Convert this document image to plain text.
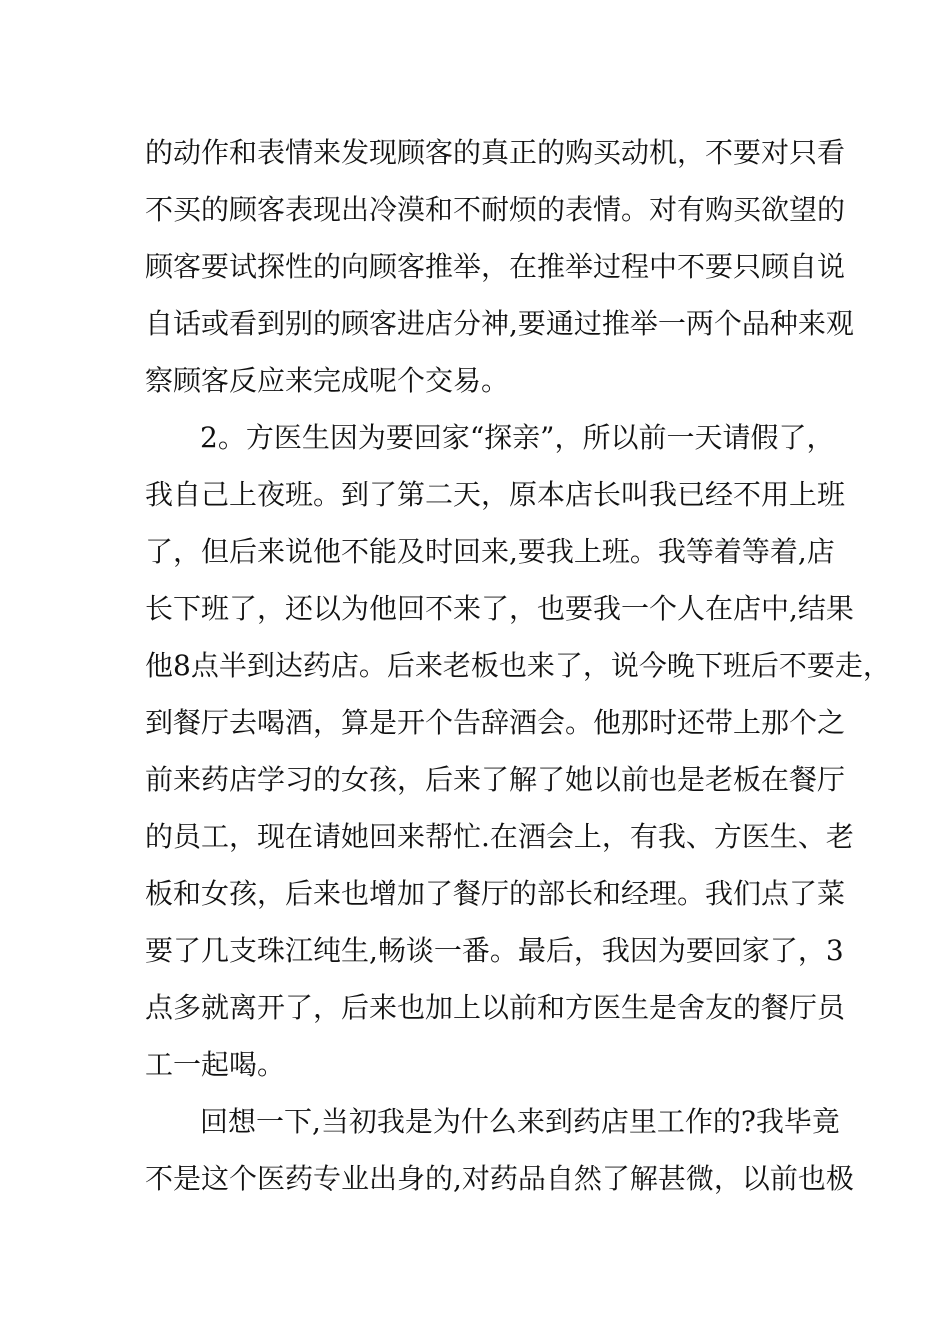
的动作和表情来发现顾客的真正的购买动机，不要对只看
不买的顾客表现出冷漠和不耐烦的表情。对有购买欲望的
顾客要试探性的向顾客推举，在推举过程中不要只顾自说
自话或看到别的顾客进店分神,要通过推举一两个品种来观
察顾客反应来完成呢个交易。
2。方医生因为要回家“探亲”，所以前一天请假了，
我自己上夜班。到了第二天，原本店长叫我已经不用上班
了，但后来说他不能及时回来,要我上班。我等着等着,店
长下班了，还以为他回不来了，也要我一个人在店中,结果
他8点半到达药店。后来老板也来了，说今晚下班后不要走，
到餐厅去喝酒，算是开个告辞酒会。他那时还带上那个之
前来药店学习的女孩，后来了解了她以前也是老板在餐厅
的员工，现在请她回来帮忙.在酒会上，有我、方医生、老
板和女孩，后来也增加了餐厅的部长和经理。我们点了菜
要了几支珠江纯生,畅谈一番。最后，我因为要回家了，3
点多就离开了，后来也加上以前和方医生是舍友的餐厅员
工一起喝。
回想一下,当初我是为什么来到药店里工作的?我毕竟
不是这个医药专业出身的,对药品自然了解甚微，以前也极
